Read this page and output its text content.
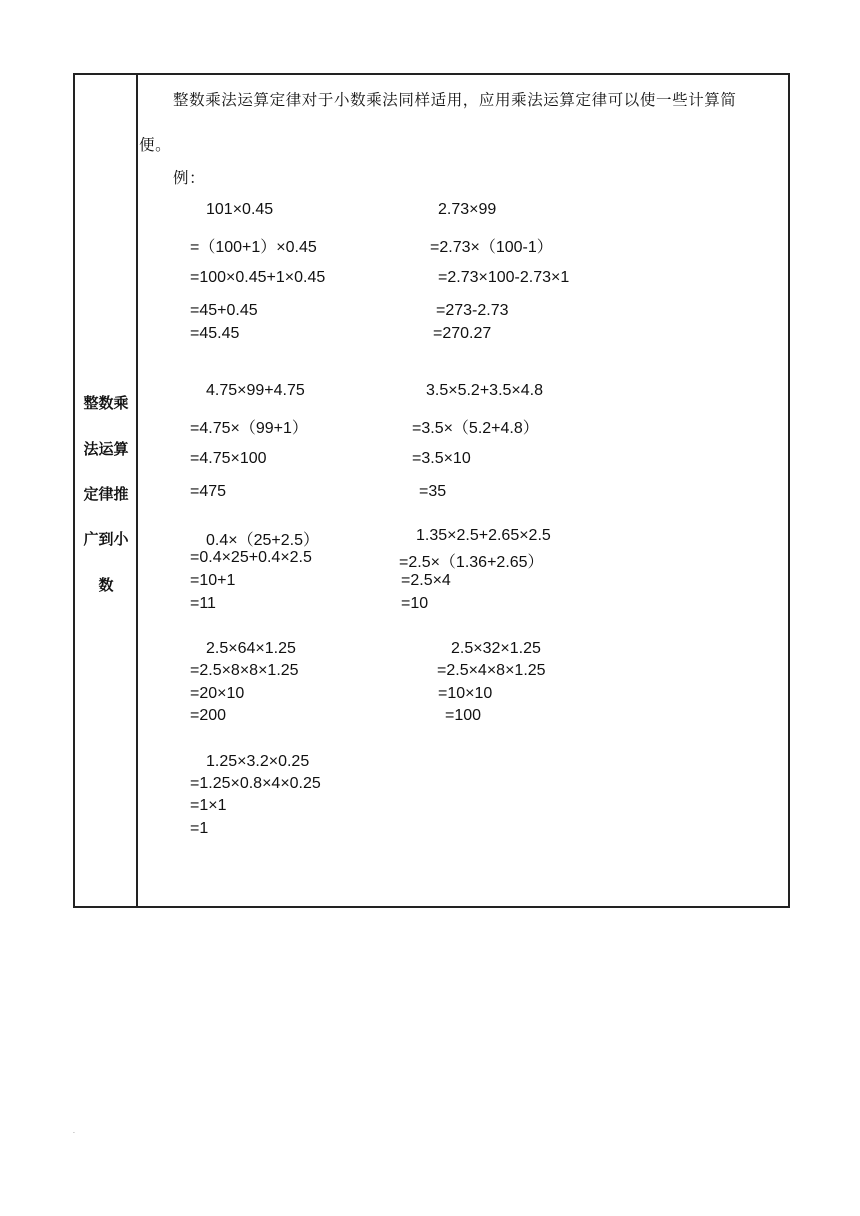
整数乘
法运算
定律推
广到小
数
整数乘法运算定律对于小数乘法同样适用，应用乘法运算定律可以使一些计算简
便。
例：
101×0.45
=（100+1）×0.45
=100×0.45+1×0.45
=45+0.45
=45.45
2.73×99
=2.73×（100-1）
=2.73×100-2.73×1
=273-2.73
=270.27
4.75×99+4.75
=4.75×（99+1）
=4.75×100
=475
3.5×5.2+3.5×4.8
=3.5×（5.2+4.8）
=3.5×10
=35
0.4×（25+2.5）
=0.4×25+0.4×2.5
=10+1
=11
1.35×2.5+2.65×2.5
=2.5×（1.36+2.65）
=2.5×4
=10
2.5×64×1.25
=2.5×8×8×1.25
=20×10
=200
2.5×32×1.25
=2.5×4×8×1.25
=10×10
=100
1.25×3.2×0.25
=1.25×0.8×4×0.25
=1×1
=1
.
